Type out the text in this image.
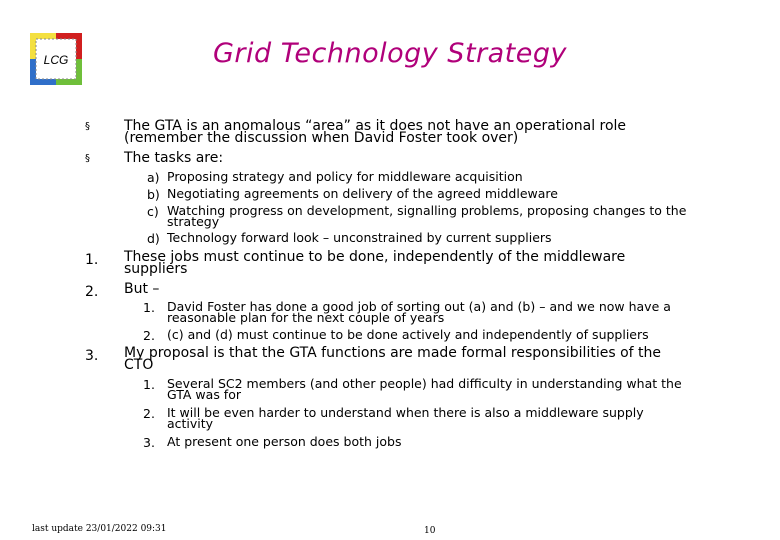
LCG	Grid Technology Strategy
§ The GTA is an anomalous “area” as it does not have an operational role (remember the discussion when David Foster took over)
§ The tasks are:
a) Proposing strategy and policy for middleware acquisition
b) Negotiating agreements on delivery of the agreed middleware
c) Watching progress on development, signalling problems, proposing changes to the strategy
d) Technology forward look – unconstrained by current suppliers
1. These jobs must continue to be done, independently of the middleware suppliers
2. But –
1. David Foster has done a good job of sorting out (a) and (b) – and we now have a reasonable plan for the next couple of years
2. (c) and (d) must continue to be done actively and independently of suppliers
3. My proposal is that the GTA functions are made formal responsibilities of the CTO
1. Several SC2 members (and other people) had difficulty in understanding what the GTA was for
2. It will be even harder to understand when there is also a middleware supply activity
3. At present one person does both jobs
last update 23/01/2022 09:31	10
